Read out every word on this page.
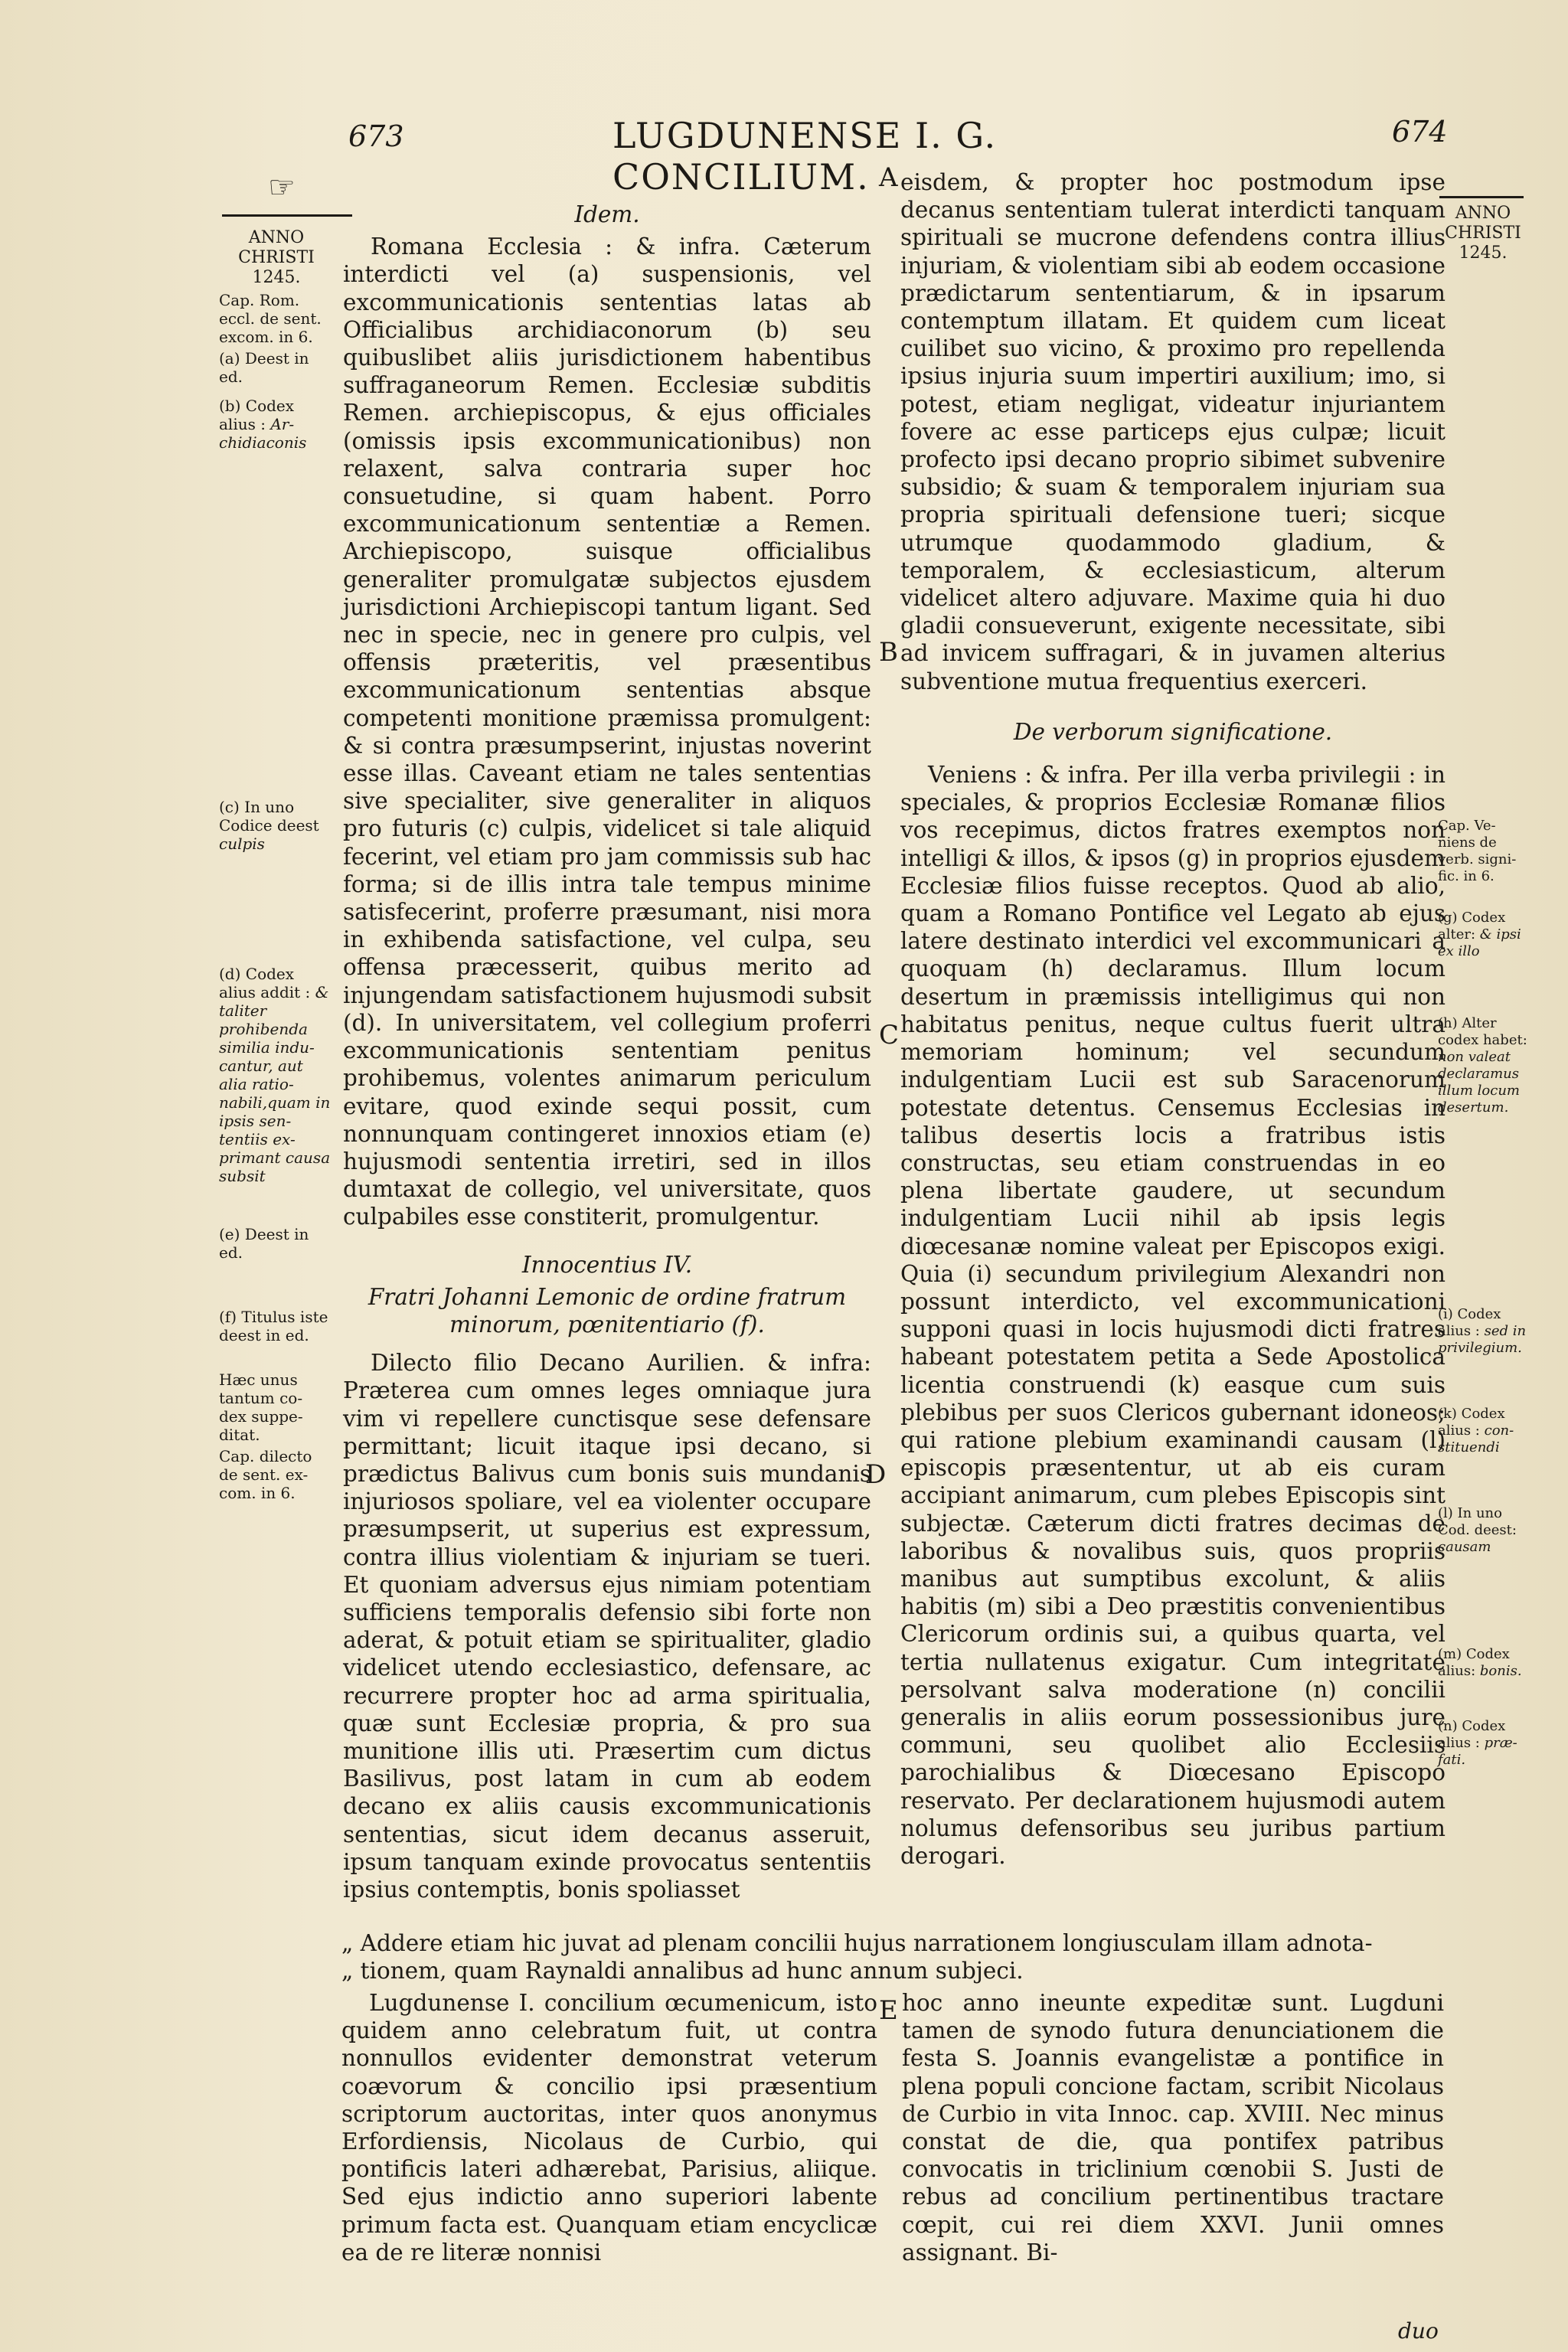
673	LUGDUNENSE I. G. CONCILIUM.
674
☞
ANNO
CHRISTI
1245.
Cap. Rom. eccl. de sent. excom. in 6.
(a) Deest in ed.
(b) Codex alius : Ar- chidiaconis
(c) In uno Codice deest culpis
(d) Codex alius addit : & taliter prohibenda similia indu- cantur, aut alia ratio- nabili,quam in ipsis sen- tentiis ex- primant causa subsit
(e) Deest in ed.
(f) Titulus iste deest in ed.
Hæc unus tantum co- dex suppe- ditat.
Cap. dilecto de sent. ex- com. in 6.
ANNO
CHRISTI
1245.
Cap. Ve- niens de verb. signi- fic. in 6.
(g) Codex alter: & ipsi ex illo
(h) Alter codex habet: non valeat declaramus illum locum desertum.
(i) Codex alius : sed in privilegium.
(k) Codex alius : con- stituendi
(l) In uno Cod. deest: causam
(m) Codex alius: bonis.
(n) Codex alius : præ- fati.
A
B
C
D
E

Idem.

Romana Ecclesia : & infra. Cæterum interdicti vel (a) suspensionis, vel excommunicationis sententias latas ab Officialibus archidiaconorum (b) seu quibuslibet aliis jurisdictionem habentibus suffraganeorum Remen. Ecclesiæ subditis Remen. archiepiscopus, & ejus officiales (omissis ipsis excommunicationibus) non relaxent, salva contraria super hoc consuetudine, si quam habent. Porro excommunicationum sententiæ a Remen. Archiepiscopo, suisque officialibus generaliter promulgatæ subjectos ejusdem jurisdictioni Archiepiscopi tantum ligant. Sed nec in specie, nec in genere pro culpis, vel offensis præteritis, vel præsentibus excommunicationum sententias absque competenti monitione præmissa promulgent: & si contra præsumpserint, injustas noverint esse illas. Caveant etiam ne tales sententias sive specialiter, sive generaliter in aliquos pro futuris (c) culpis, videlicet si tale aliquid fecerint, vel etiam pro jam commissis sub hac forma; si de illis intra tale tempus minime satisfecerint, proferre præsumant, nisi mora in exhibenda satisfactione, vel culpa, seu offensa præcesserit, quibus merito ad injungendam satisfactionem hujusmodi subsit (d). In universitatem, vel collegium proferri excommunicationis sententiam penitus prohibemus, volentes animarum periculum evitare, quod exinde sequi possit, cum nonnunquam contingeret innoxios etiam (e) hujusmodi sententia irretiri, sed in illos dumtaxat de collegio, vel universitate, quos culpabiles esse constiterit, promulgentur.

Innocentius IV.

Fratri Johanni Lemonic de ordine fratrum minorum, pœnitentiario (f).

Dilecto filio Decano Aurilien. & infra: Præterea cum omnes leges omniaque jura vim vi repellere cunctisque sese defensare permittant; licuit itaque ipsi decano, si prædictus Balivus cum bonis suis mundanis injuriosos spoliare, vel ea violenter occupare præsumpserit, ut superius est expressum, contra illius violentiam & injuriam se tueri. Et quoniam adversus ejus nimiam potentiam sufficiens temporalis defensio sibi forte non aderat, & potuit etiam se spiritualiter, gladio videlicet utendo ecclesiastico, defensare, ac recurrere propter hoc ad arma spiritualia, quæ sunt Ecclesiæ propria, & pro sua munitione illis uti. Præsertim cum dictus Basilivus, post latam in cum ab eodem decano ex aliis causis excommunicationis sententias, sicut idem decanus asseruit, ipsum tanquam exinde provocatus sententiis ipsius contemptis, bonis spoliasset

eisdem, & propter hoc postmodum ipse decanus sententiam tulerat interdicti tanquam spirituali se mucrone defendens contra illius injuriam, & violentiam sibi ab eodem occasione prædictarum sententiarum, & in ipsarum contemptum illatam. Et quidem cum liceat cuilibet suo vicino, & proximo pro repellenda ipsius injuria suum impertiri auxilium; imo, si potest, etiam negligat, videatur injuriantem fovere ac esse particeps ejus culpæ; licuit profecto ipsi decano proprio sibimet subvenire subsidio; & suam & temporalem injuriam sua propria spirituali defensione tueri; sicque utrumque quodammodo gladium, & temporalem, & ecclesiasticum, alterum videlicet altero adjuvare. Maxime quia hi duo gladii consueverunt, exigente necessitate, sibi ad invicem suffragari, & in juvamen alterius subventione mutua frequentius exerceri.

De verborum significatione.

Veniens : & infra. Per illa verba privilegii : in speciales, & proprios Ecclesiæ Romanæ filios vos recepimus, dictos fratres exemptos non intelligi & illos, & ipsos (g) in proprios ejusdem Ecclesiæ filios fuisse receptos. Quod ab alio, quam a Romano Pontifice vel Legato ab ejus latere destinato interdici vel excommunicari a quoquam (h) declaramus. Illum locum desertum in præmissis intelligimus qui non habitatus penitus, neque cultus fuerit ultra memoriam hominum; vel secundum indulgentiam Lucii est sub Saracenorum potestate detentus. Censemus Ecclesias in talibus desertis locis a fratribus istis constructas, seu etiam construendas in eo plena libertate gaudere, ut secundum indulgentiam Lucii nihil ab ipsis legis diœcesanæ nomine valeat per Episcopos exigi. Quia (i) secundum privilegium Alexandri non possunt interdicto, vel excommunicationi supponi quasi in locis hujusmodi dicti fratres habeant potestatem petita a Sede Apostolica licentia construendi (k) easque cum suis plebibus per suos Clericos gubernant idoneos; qui ratione plebium examinandi causam (l) episcopis præsententur, ut ab eis curam accipiant animarum, cum plebes Episcopis sint subjectæ. Cæterum dicti fratres decimas de laboribus & novalibus suis, quos propriis manibus aut sumptibus excolunt, & aliis habitis (m) sibi a Deo præstitis convenientibus Clericorum ordinis sui, a quibus quarta, vel tertia nullatenus exigatur. Cum integritate persolvant salva moderatione (n) concilii generalis in aliis eorum possessionibus jure communi, seu quolibet alio Ecclesiis parochialibus & Diœcesano Episcopo reservato. Per declarationem hujusmodi autem nolumus defensoribus seu juribus partium derogari.

„ Addere etiam hic juvat ad plenam concilii hujus narrationem longiusculam illam adnota-

„ tionem, quam Raynaldi annalibus ad hunc annum subjeci.

Lugdunense I. concilium œcumenicum, isto quidem anno celebratum fuit, ut contra nonnullos evidenter demonstrat veterum coævorum & concilio ipsi præsentium scriptorum auctoritas, inter quos anonymus Erfordiensis, Nicolaus de Curbio, qui pontificis lateri adhærebat, Parisius, aliique. Sed ejus indictio anno superiori labente primum facta est. Quanquam etiam encyclicæ ea de re literæ nonnisi

hoc anno ineunte expeditæ sunt. Lugduni tamen de synodo futura denunciationem die festa S. Joannis evangelistæ a pontifice in plena populi concione factam, scribit Nicolaus de Curbio in vita Innoc. cap. XVIII. Nec minus constat de die, qua pontifex patribus convocatis in triclinium cœnobii S. Justi de rebus ad concilium pertinentibus tractare cœpit, cui rei diem XXVI. Junii omnes assignant. Bi-

duo
